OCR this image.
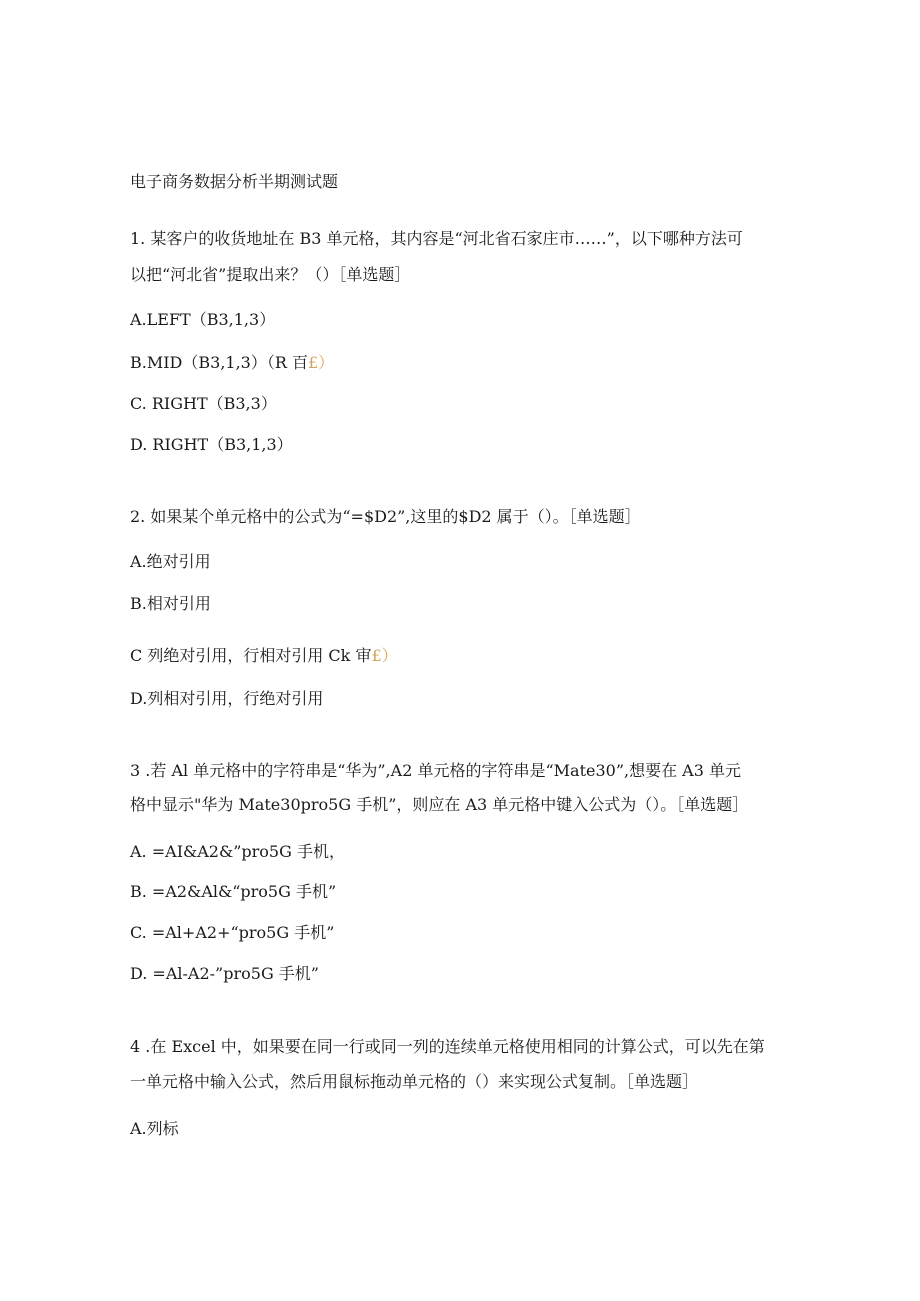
电子商务数据分析半期测试题
1. 某客户的收货地址在 B3 单元格，其内容是“河北省石家庄市……”，以下哪种方法可
以把“河北省”提取出来？（）［单选题］
A.LEFT（B3,1,3）
B.MID（B3,1,3）（R 百£）
C. RIGHT（B3,3）
D. RIGHT（B3,1,3）
2. 如果某个单元格中的公式为“=$D2”,这里的$D2 属于（）。［单选题］
A.绝对引用
B.相对引用
C 列绝对引用，行相对引用 Ck 审£）
D.列相对引用，行绝对引用
3 .若 Al 单元格中的字符串是“华为”,A2 单元格的字符串是“Mate30”,想要在 A3 单元
格中显示"华为 Mate30pro5G 手机”，则应在 A3 单元格中键入公式为（）。［单选题］
A. =AI&A2&”pro5G 手机，
B. =A2&Al&“pro5G 手机”
C. =Al+A2+“pro5G 手机”
D. =Al-A2-”pro5G 手机”
4 .在 Excel 中，如果要在同一行或同一列的连续单元格使用相同的计算公式，可以先在第
一单元格中输入公式，然后用鼠标拖动单元格的（）来实现公式复制。［单选题］
A.列标
